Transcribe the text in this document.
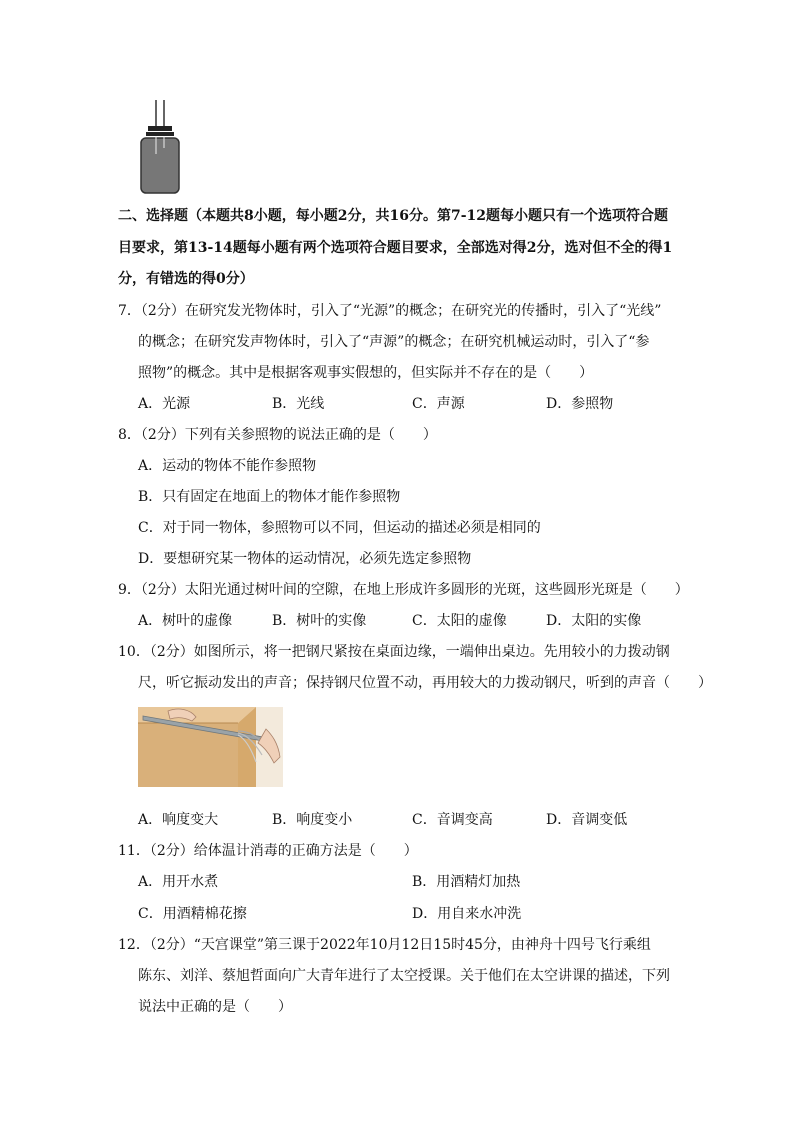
二、选择题（本题共8小题，每小题2分，共16分。第7-12题每小题只有一个选项符合题
目要求，第13-14题每小题有两个选项符合题目要求，全部选对得2分，选对但不全的得1
分，有错选的得0分）
7．（2分）在研究发光物体时，引入了“光源”的概念；在研究光的传播时，引入了“光线”
的概念；在研究发声物体时，引入了“声源”的概念；在研究机械运动时，引入了“参
照物”的概念。其中是根据客观事实假想的，但实际并不存在的是（　　）
A．光源	B．光线	C．声源	D．参照物
8．（2分）下列有关参照物的说法正确的是（　　）
A．运动的物体不能作参照物
B．只有固定在地面上的物体才能作参照物
C．对于同一物体，参照物可以不同，但运动的描述必须是相同的
D．要想研究某一物体的运动情况，必须先选定参照物
9．（2分）太阳光通过树叶间的空隙，在地上形成许多圆形的光斑，这些圆形光斑是（　　）
A．树叶的虚像	B．树叶的实像	C．太阳的虚像	D．太阳的实像
10．（2分）如图所示，将一把钢尺紧按在桌面边缘，一端伸出桌边。先用较小的力拨动钢
尺，听它振动发出的声音；保持钢尺位置不动，再用较大的力拨动钢尺，听到的声音（　　）
A．响度变大	B．响度变小	C．音调变高	D．音调变低
11．（2分）给体温计消毒的正确方法是（　　）
A．用开水煮	B．用酒精灯加热
C．用酒精棉花擦	D．用自来水冲洗
12．（2分）“天宫课堂”第三课于2022年10月12日15时45分，由神舟十四号飞行乘组
陈东、刘洋、蔡旭哲面向广大青年进行了太空授课。关于他们在太空讲课的描述，下列
说法中正确的是（　　）
